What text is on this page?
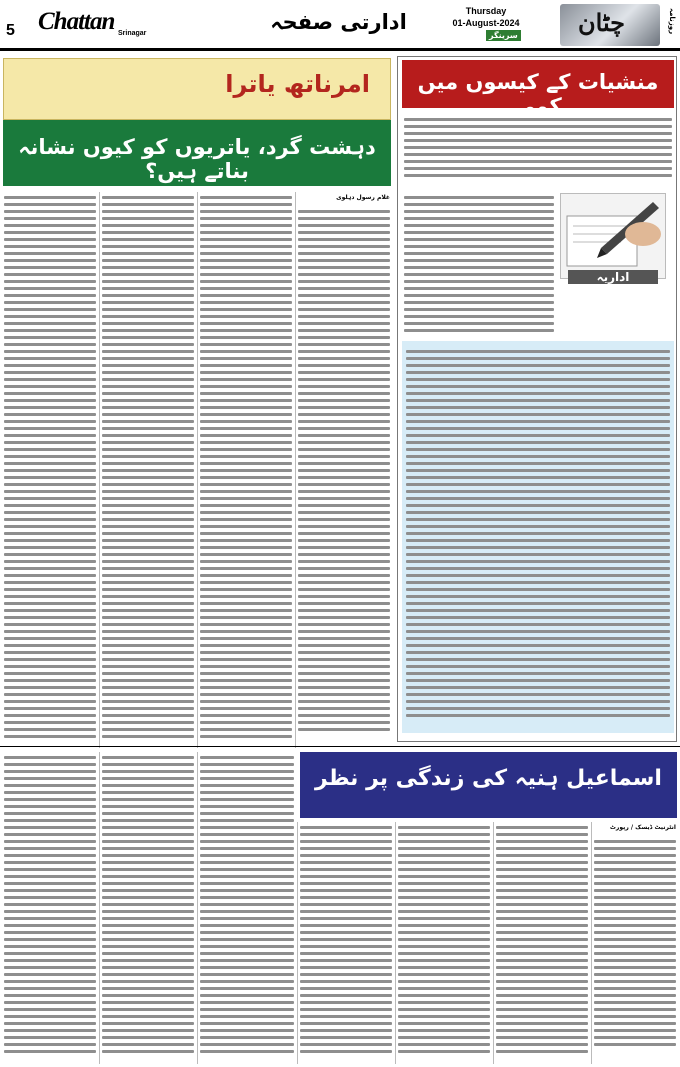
5 Chattan Srinagar	ادارتی صفحہ	Thursday
01-August-2024
سرینگر	چٹان	روزنامہ
امرناتھ یاترا
دہشت گرد، یاتریوں کو کیوں نشانہ بناتے ہیں؟
غلام رسول دہلوی
منشیات کے کیسوں میں کمی
اداریہ
اسماعیل ہنیہ کی زندگی پر نظر
انٹرنیٹ ڈیسک / رپورٹ
